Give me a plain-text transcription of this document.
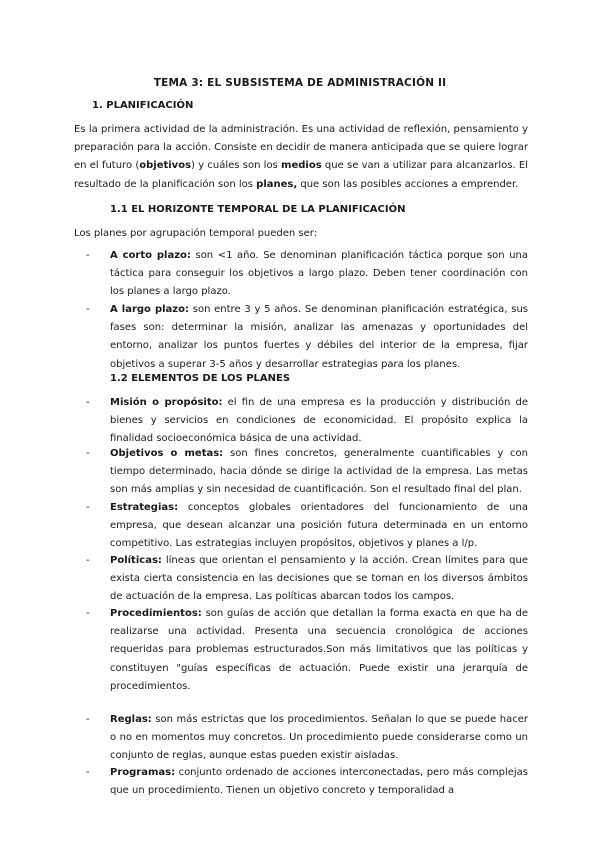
TEMA 3: EL SUBSISTEMA DE ADMINISTRACIÓN II
1. PLANIFICACIÓN

Es la primera actividad de la administración. Es una actividad de reflexión, pensamiento y preparación para la acción. Consiste en decidir de manera anticipada que se quiere lograr en el futuro (objetivos) y cuáles son los medios que se van a utilizar para alcanzarlos. El resultado de la planificación son los planes, que son las posibles acciones a emprender.

1.1 EL HORIZONTE TEMPORAL DE LA PLANIFICACIÓN

Los planes por agrupación temporal pueden ser:

- A corto plazo: son <1 año. Se denominan planificación táctica porque son una táctica para conseguir los objetivos a largo plazo. Deben tener coordinación con los planes a largo plazo.

- A largo plazo: son entre 3 y 5 años. Se denominan planificación estratégica, sus fases son: determinar la misión, analizar las amenazas y oportunidades del entorno, analizar los puntos fuertes y débiles del interior de la empresa, fijar objetivos a superar 3-5 años y desarrollar estrategias para los planes.

1.2 ELEMENTOS DE LOS PLANES
- Misión o propósito: el fin de una empresa es la producción y distribución de bienes y servicios en condiciones de economicidad. El propósito explica la finalidad socioeconómica básica de una actividad.

- Objetivos o metas: son fines concretos, generalmente cuantificables y con tiempo determinado, hacia dónde se dirige la actividad de la empresa. Las metas son más amplias y sin necesidad de cuantificación. Son el resultado final del plan.

- Estrategias: conceptos globales orientadores del funcionamiento de una empresa, que desean alcanzar una posición futura determinada en un entorno competitivo. Las estrategias incluyen propósitos, objetivos y planes a l/p.

- Políticas: líneas que orientan el pensamiento y la acción. Crean límites para que exista cierta consistencia en las decisiones que se toman en los diversos ámbitos de actuación de la empresa. Las políticas abarcan todos los campos.

- Procedimientos: son guías de acción que detallan la forma exacta en que ha de realizarse una actividad. Presenta una secuencia cronológica de acciones requeridas para problemas estructurados.Son más limitativos que las políticas y constituyen "guías específicas de actuación. Puede existir una jerarquía de procedimientos.

- Reglas: son más estrictas que los procedimientos. Señalan lo que se puede hacer o no en momentos muy concretos. Un procedimiento puede considerarse como un conjunto de reglas, aunque estas pueden existir aisladas.

- Programas: conjunto ordenado de acciones interconectadas, pero más complejas que un procedimiento. Tienen un objetivo concreto y temporalidad a
